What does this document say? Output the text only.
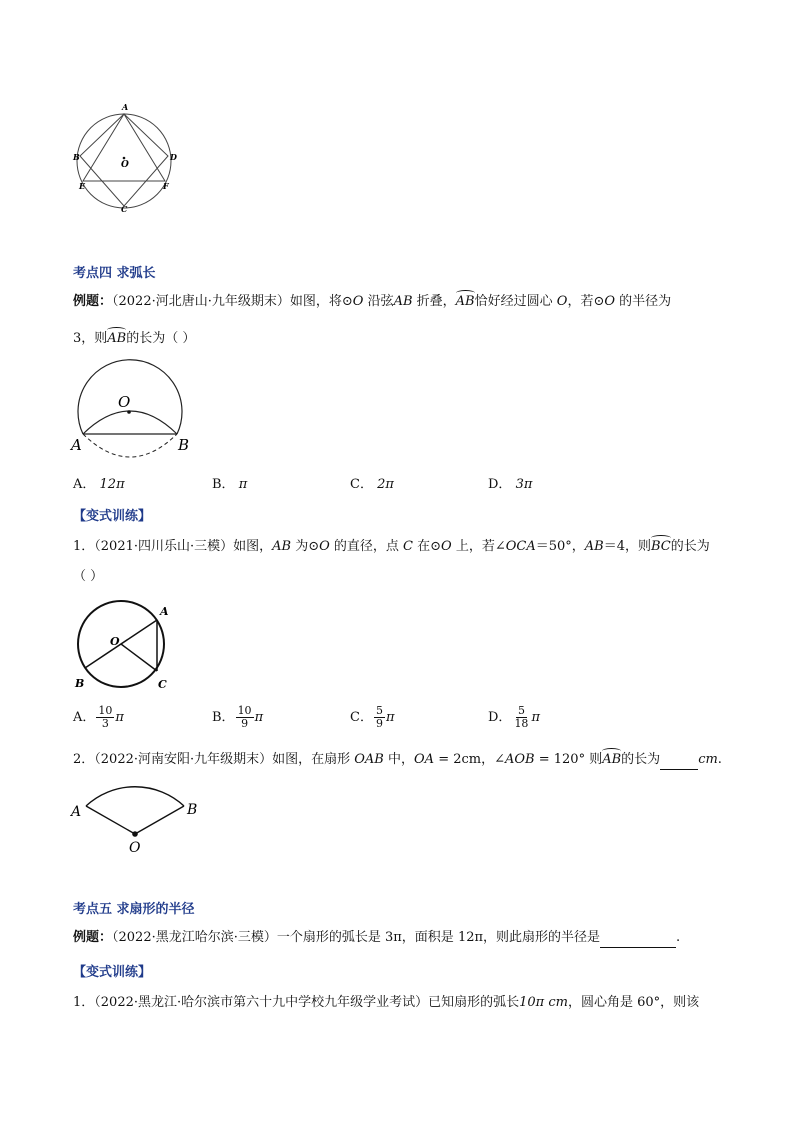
A
B	D
O
E	F
C
考点四 求弧长
例题：（2022·河北唐山·九年级期末）如图，将⊙O 沿弦AB 折叠，AB恰好经过圆心 O，若⊙O 的半径为
3，则AB的长为（ ）
O
A	B
A． 12π	B． π	C． 2π	D． 3π
【变式训练】
1．（2021·四川乐山·三模）如图，AB 为⊙O 的直径，点 C 在⊙O 上，若∠OCA＝50°，AB＝4，则BC的长为
（ ）
A
O
B	C
A． $\frac{10}{3}$ π	B． $\frac{10}{9}$ π	C． $\frac{5}{9}$ π	D． $\frac{5}{18}$ π
2．（2022·河南安阳·九年级期末）如图，在扇形 OAB 中，OA = 2cm，∠AOB = 120° 则AB的长为	cm.
A	B
O
考点五 求扇形的半径
例题：（2022·黑龙江哈尔滨·三模）一个扇形的弧长是 3π，面积是 12π，则此扇形的半径是	.
【变式训练】
1．（2022·黑龙江·哈尔滨市第六十九中学校九年级学业考试）已知扇形的弧长10π cm，圆心角是 60°，则该
